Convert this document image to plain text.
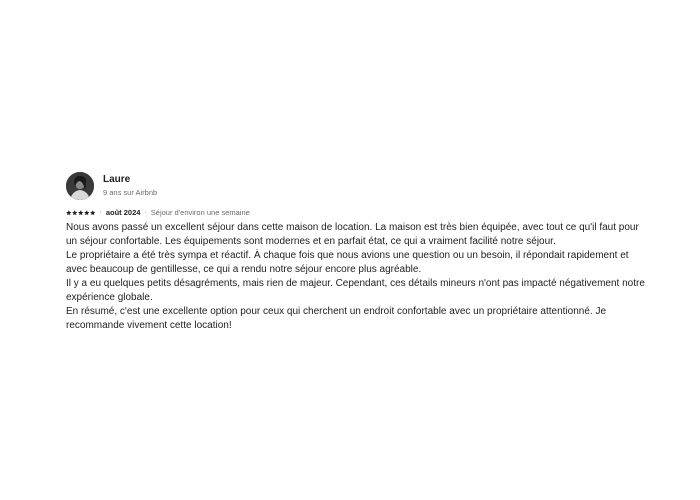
Laure
9 ans sur Airbnb
· août 2024 · Séjour d'environ une semaine

Nous avons passé un excellent séjour dans cette maison de location. La maison est très bien équipée, avec tout ce qu'il faut pour un séjour confortable. Les équipements sont modernes et en parfait état, ce qui a vraiment facilité notre séjour.

Le propriétaire a été très sympa et réactif. À chaque fois que nous avions une question ou un besoin, il répondait rapidement et avec beaucoup de gentillesse, ce qui a rendu notre séjour encore plus agréable.

Il y a eu quelques petits désagréments, mais rien de majeur. Cependant, ces détails mineurs n'ont pas impacté négativement notre expérience globale.

En résumé, c'est une excellente option pour ceux qui cherchent un endroit confortable avec un propriétaire attentionné. Je recommande vivement cette location!
